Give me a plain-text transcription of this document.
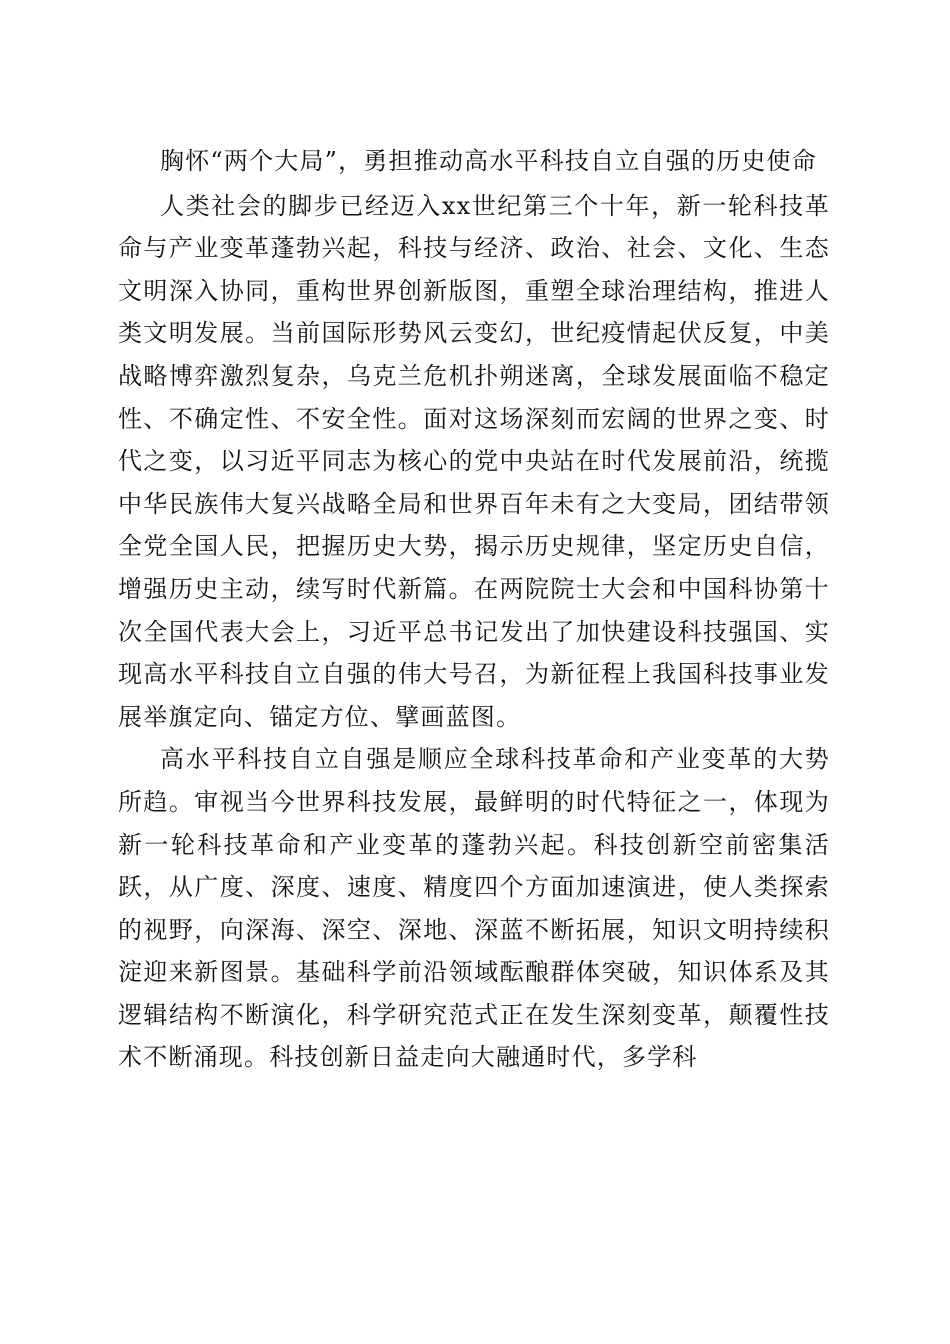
胸怀“两个大局”，勇担推动高水平科技自立自强的历史使命

人类社会的脚步已经迈入xx世纪第三个十年，新一轮科技革命与产业变革蓬勃兴起，科技与经济、政治、社会、文化、生态文明深入协同，重构世界创新版图，重塑全球治理结构，推进人类文明发展。当前国际形势风云变幻，世纪疫情起伏反复，中美战略博弈激烈复杂，乌克兰危机扑朔迷离，全球发展面临不稳定性、不确定性、不安全性。面对这场深刻而宏阔的世界之变、时代之变，以习近平同志为核心的党中央站在时代发展前沿，统揽中华民族伟大复兴战略全局和世界百年未有之大变局，团结带领全党全国人民，把握历史大势，揭示历史规律，坚定历史自信，增强历史主动，续写时代新篇。在两院院士大会和中国科协第十次全国代表大会上，习近平总书记发出了加快建设科技强国、实现高水平科技自立自强的伟大号召，为新征程上我国科技事业发展举旗定向、锚定方位、擘画蓝图。

高水平科技自立自强是顺应全球科技革命和产业变革的大势所趋。审视当今世界科技发展，最鲜明的时代特征之一，体现为新一轮科技革命和产业变革的蓬勃兴起。科技创新空前密集活跃，从广度、深度、速度、精度四个方面加速演进，使人类探索的视野，向深海、深空、深地、深蓝不断拓展，知识文明持续积淀迎来新图景。基础科学前沿领域酝酿群体突破，知识体系及其逻辑结构不断演化，科学研究范式正在发生深刻变革，颠覆性技术不断涌现。科技创新日益走向大融通时代，多学科
